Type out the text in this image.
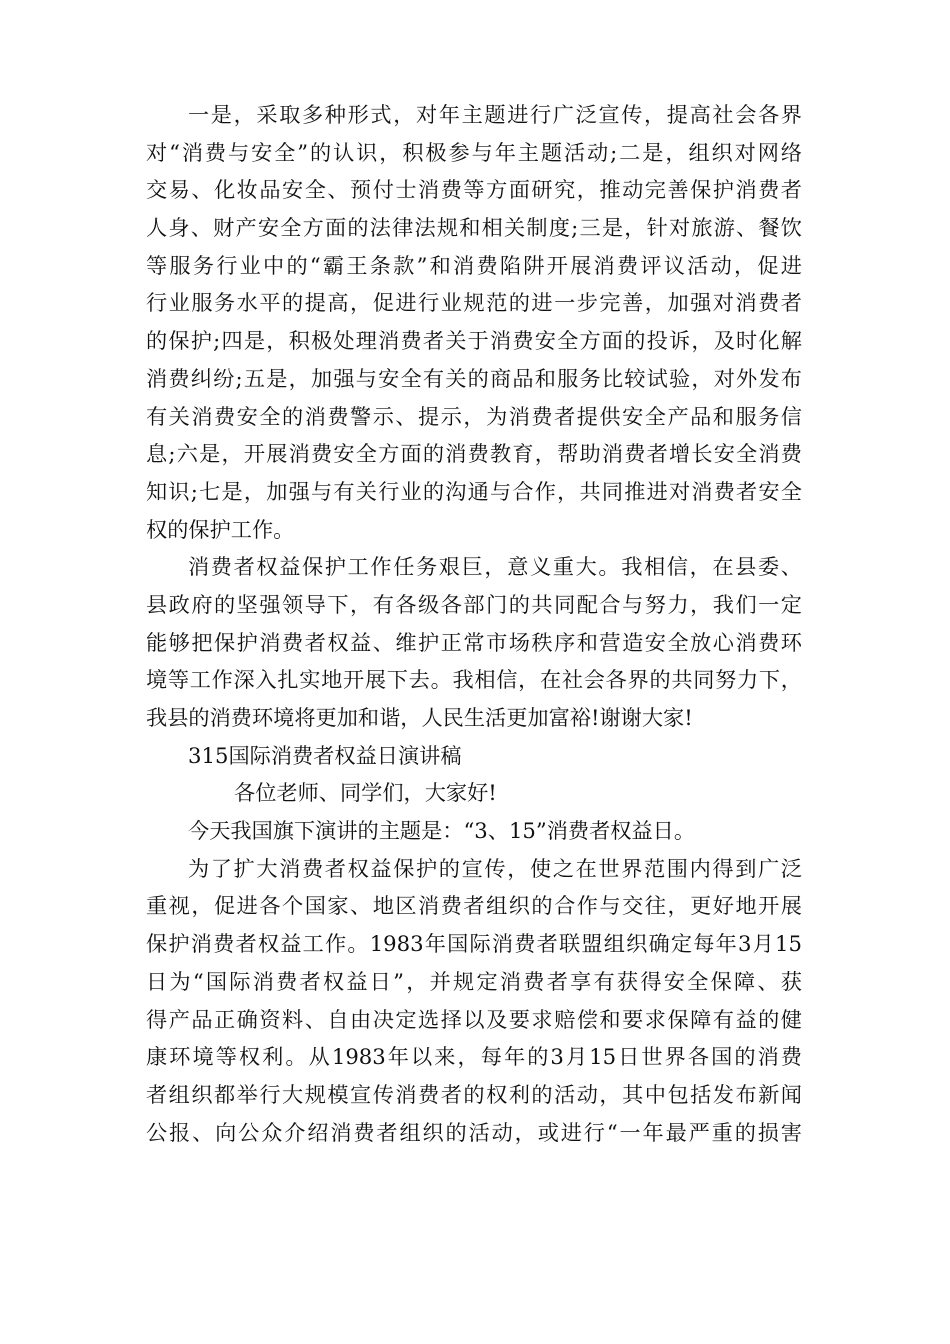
一是，采取多种形式，对年主题进行广泛宣传，提高社会各界
对“消费与安全”的认识，积极参与年主题活动;二是，组织对网络
交易、化妆品安全、预付士消费等方面研究，推动完善保护消费者
人身、财产安全方面的法律法规和相关制度;三是，针对旅游、餐饮
等服务行业中的“霸王条款”和消费陷阱开展消费评议活动，促进
行业服务水平的提高，促进行业规范的进一步完善，加强对消费者
的保护;四是，积极处理消费者关于消费安全方面的投诉，及时化解
消费纠纷;五是，加强与安全有关的商品和服务比较试验，对外发布
有关消费安全的消费警示、提示，为消费者提供安全产品和服务信
息;六是，开展消费安全方面的消费教育，帮助消费者增长安全消费
知识;七是，加强与有关行业的沟通与合作，共同推进对消费者安全
权的保护工作。
消费者权益保护工作任务艰巨，意义重大。我相信，在县委、
县政府的坚强领导下，有各级各部门的共同配合与努力，我们一定
能够把保护消费者权益、维护正常市场秩序和营造安全放心消费环
境等工作深入扎实地开展下去。我相信，在社会各界的共同努力下，
我县的消费环境将更加和谐，人民生活更加富裕!谢谢大家!
315国际消费者权益日演讲稿
各位老师、同学们，大家好!
今天我国旗下演讲的主题是：“3、15”消费者权益日。
为了扩大消费者权益保护的宣传，使之在世界范围内得到广泛
重视，促进各个国家、地区消费者组织的合作与交往，更好地开展
保护消费者权益工作。1983年国际消费者联盟组织确定每年3月15
日为“国际消费者权益日”，并规定消费者享有获得安全保障、获
得产品正确资料、自由决定选择以及要求赔偿和要求保障有益的健
康环境等权利。从1983年以来，每年的3月15日世界各国的消费
者组织都举行大规模宣传消费者的权利的活动，其中包括发布新闻
公报、向公众介绍消费者组织的活动，或进行“一年最严重的损害
